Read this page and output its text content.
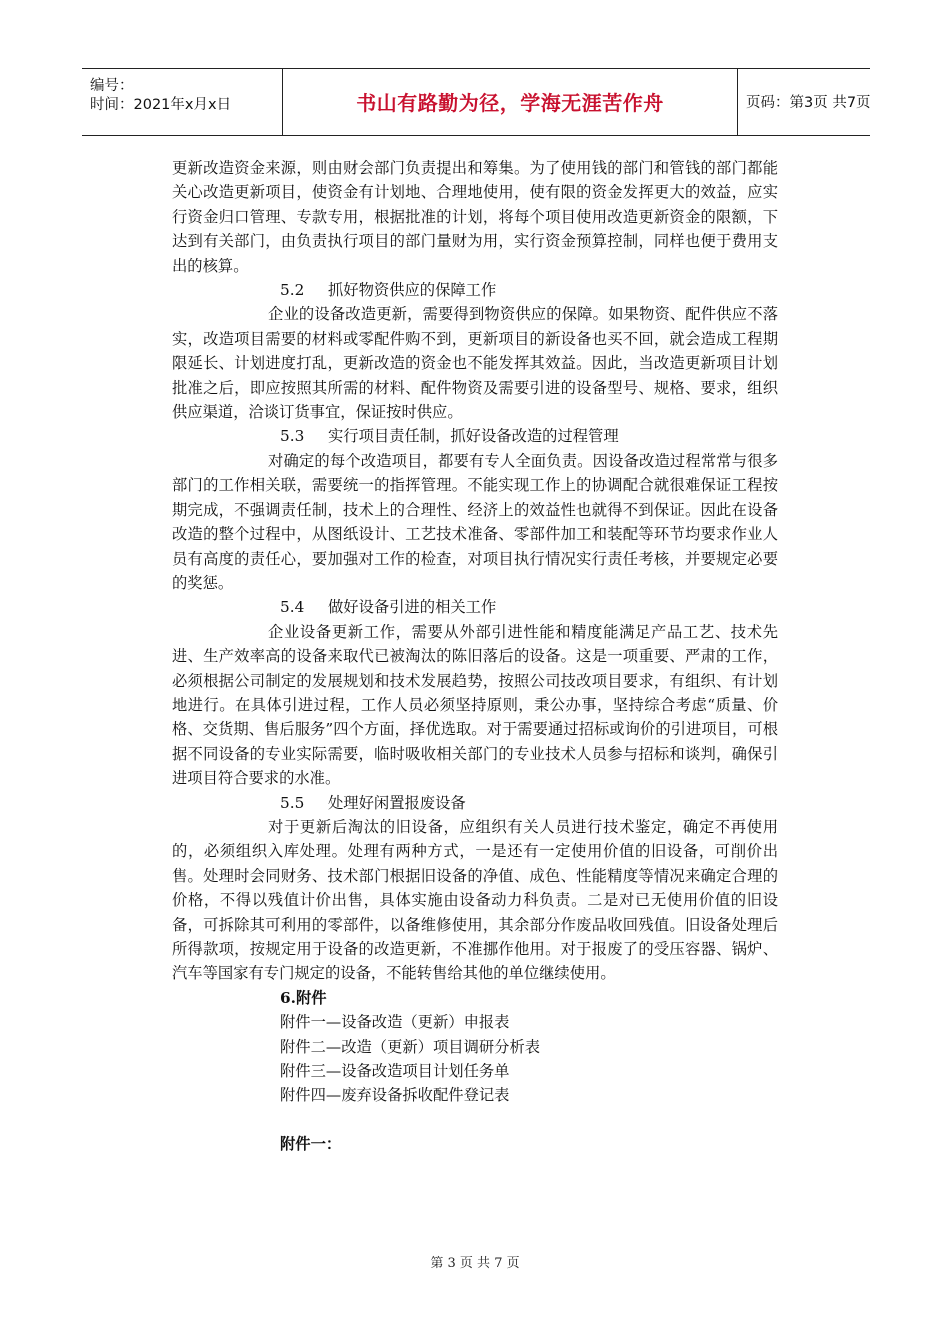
编号：
时间：2021年x月x日	书山有路勤为径，学海无涯苦作舟	页码：第3页 共7页

更新改造资金来源，则由财会部门负责提出和筹集。为了使用钱的部门和管钱的部门都能关心改造更新项目，使资金有计划地、合理地使用，使有限的资金发挥更大的效益，应实行资金归口管理、专款专用，根据批准的计划，将每个项目使用改造更新资金的限额，下达到有关部门，由负责执行项目的部门量财为用，实行资金预算控制，同样也便于费用支出的核算。

5.2 抓好物资供应的保障工作

企业的设备改造更新，需要得到物资供应的保障。如果物资、配件供应不落实，改造项目需要的材料或零配件购不到，更新项目的新设备也买不回，就会造成工程期限延长、计划进度打乱，更新改造的资金也不能发挥其效益。因此，当改造更新项目计划批准之后，即应按照其所需的材料、配件物资及需要引进的设备型号、规格、要求，组织供应渠道，洽谈订货事宜，保证按时供应。

5.3 实行项目责任制，抓好设备改造的过程管理

对确定的每个改造项目，都要有专人全面负责。因设备改造过程常常与很多部门的工作相关联，需要统一的指挥管理。不能实现工作上的协调配合就很难保证工程按期完成，不强调责任制，技术上的合理性、经济上的效益性也就得不到保证。因此在设备改造的整个过程中，从图纸设计、工艺技术准备、零部件加工和装配等环节均要求作业人员有高度的责任心，要加强对工作的检查，对项目执行情况实行责任考核，并要规定必要的奖惩。

5.4 做好设备引进的相关工作

企业设备更新工作，需要从外部引进性能和精度能满足产品工艺、技术先进、生产效率高的设备来取代已被淘汰的陈旧落后的设备。这是一项重要、严肃的工作，必须根据公司制定的发展规划和技术发展趋势，按照公司技改项目要求，有组织、有计划地进行。在具体引进过程，工作人员必须坚持原则，秉公办事，坚持综合考虑“质量、价格、交货期、售后服务”四个方面，择优选取。对于需要通过招标或询价的引进项目，可根据不同设备的专业实际需要，临时吸收相关部门的专业技术人员参与招标和谈判，确保引进项目符合要求的水准。

5.5 处理好闲置报废设备

对于更新后淘汰的旧设备，应组织有关人员进行技术鉴定，确定不再使用的，必须组织入库处理。处理有两种方式，一是还有一定使用价值的旧设备，可削价出售。处理时会同财务、技术部门根据旧设备的净值、成色、性能精度等情况来确定合理的价格，不得以残值计价出售，具体实施由设备动力科负责。二是对已无使用价值的旧设备，可拆除其可利用的零部件，以备维修使用，其余部分作废品收回残值。旧设备处理后所得款项，按规定用于设备的改造更新，不准挪作他用。对于报废了的受压容器、锅炉、汽车等国家有专门规定的设备，不能转售给其他的单位继续使用。

6.附件

附件一—设备改造（更新）申报表

附件二—改造（更新）项目调研分析表

附件三—设备改造项目计划任务单

附件四—废弃设备拆收配件登记表

附件一：

第 3 页 共 7 页
